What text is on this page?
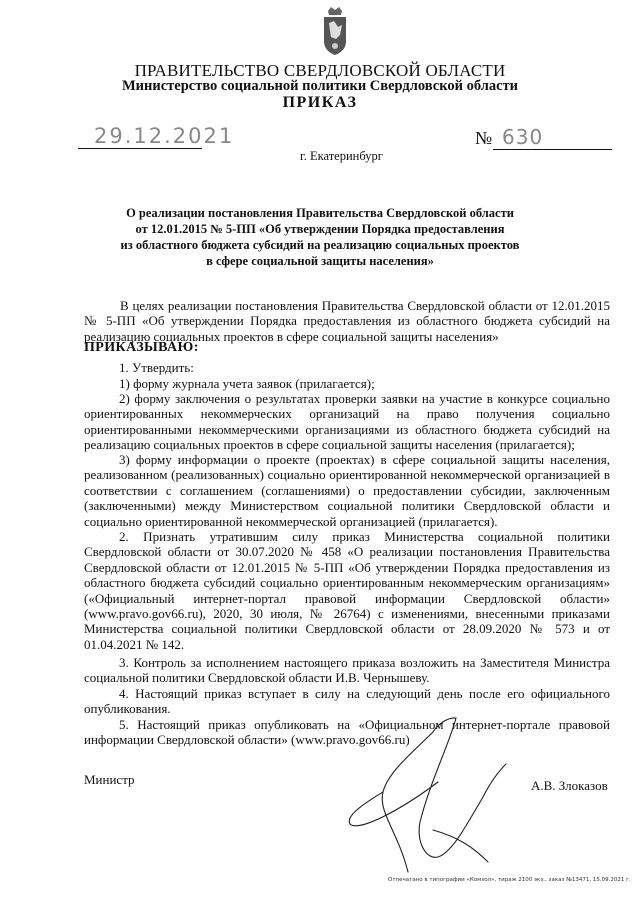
ПРАВИТЕЛЬСТВО СВЕРДЛОВСКОЙ ОБЛАСТИ
Министерство социальной политики Свердловской области
ПРИКАЗ
29.12.2021	№ 630
г. Екатеринбург
О реализации постановления Правительства Свердловской области
от 12.01.2015 № 5-ПП «Об утверждении Порядка предоставления
из областного бюджета субсидий на реализацию социальных проектов
в сфере социальной защиты населения»
В целях реализации постановления Правительства Свердловской области от 12.01.2015 № 5-ПП «Об утверждении Порядка предоставления из областного бюджета субсидий на реализацию социальных проектов в сфере социальной защиты населения»
ПРИКАЗЫВАЮ:
1. Утвердить:
1) форму журнала учета заявок (прилагается);
2) форму заключения о результатах проверки заявки на участие в конкурсе социально ориентированных некоммерческих организаций на право получения социально ориентированными некоммерческими организациями из областного бюджета субсидий на реализацию социальных проектов в сфере социальной защиты населения (прилагается);
3) форму информации о проекте (проектах) в сфере социальной защиты населения, реализованном (реализованных) социально ориентированной некоммерческой организацией в соответствии с соглашением (соглашениями) о предоставлении субсидии, заключенным (заключенными) между Министерством социальной политики Свердловской области и социально ориентированной некоммерческой организацией (прилагается).
2. Признать утратившим силу приказ Министерства социальной политики Свердловской области от 30.07.2020 № 458 «О реализации постановления Правительства Свердловской области от 12.01.2015 № 5-ПП «Об утверждении Порядка предоставления из областного бюджета субсидий социально ориентированным некоммерческим организациям» («Официальный интернет-портал правовой информации Свердловской области» (www.pravo.gov66.ru), 2020, 30 июля, № 26764) с изменениями, внесенными приказами Министерства социальной политики Свердловской области от 28.09.2020 № 573 и от 01.04.2021 № 142.
3. Контроль за исполнением настоящего приказа возложить на Заместителя Министра социальной политики Свердловской области И.В. Чернышеву.
4. Настоящий приказ вступает в силу на следующий день после его официального опубликования.
5. Настоящий приказ опубликовать на «Официальном интернет-портале правовой информации Свердловской области» (www.pravo.gov66.ru)
Министр	А.В. Злоказов
Отпечатано в типографии «Комзол», тираж 2100 экз., заказ №13471, 15.09.2021 г.
